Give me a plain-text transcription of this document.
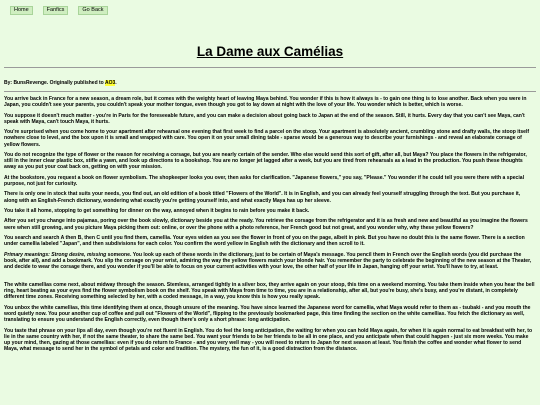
Home	Fanfics	Go Back
La Dame aux Camélias
By: BunsRevenge. Originally published to AO3.

You arrive back in France for a new season, a dream role, but it comes with the weighty heart of leaving Maya behind. You wonder if this is how it always is - to gain one thing is to lose another. Back when you were in Japan, you couldn't see your parents, you couldn't speak your mother tongue, even though you got to lay down at night with the love of your life. You wonder which is better, which is worse.

You suppose it doesn't much matter - you're in Paris for the foreseeable future, and you can make a decision about going back to Japan at the end of the season. Still, it hurts. Every day that you can't see Maya, can't speak with Maya, can't touch Maya, it hurts.

You're surprised when you come home to your apartment after rehearsal one evening that first week to find a parcel on the stoop. Your apartment is absolutely ancient, crumbling stone and drafty walls, the stoop itself nowhere close to level, and the box upon it is small and wrapped with care. You open it on your small dining table - sparse would be a generous way to describe your furnishings - and reveal an elaborate corsage of yellow flowers.

You do not recognize the type of flower or the reason for receiving a corsage, but you are nearly certain of the sender. Who else would send this sort of gift, after all, but Maya? You place the flowers in the refrigerator, still in the inner clear plastic box, stifle a yawn, and look up directions to a bookshop. You are no longer jet lagged after a week, but you are tired from rehearsals as a lead in the production. You push these thoughts away as you put your coat back on, getting on with your mission.

At the bookstore, you request a book on flower symbolism. The shopkeeper looks you over, then asks for clarification. "Japanese flowers," you say, "Please." You wonder if he could tell you were there with a special purpose, not just for curiosity.

There is only one in stock that suits your needs, you find out, an old edition of a book titled "Flowers of the World". It is in English, and you can already feel yourself struggling through the text. But you purchase it, along with an English-French dictionary, wondering what exactly you're getting yourself into, and what exactly Maya has up her sleeve.

You take it all home, stopping to get something for dinner on the way, annoyed when it begins to rain before you make it back.

After you set you change into pajamas, poring over the book slowly, dictionary beside you at the ready. You retrieve the corsage from the refrigerator and it is as fresh and new and beautiful as you imagine the flowers were when still growing, and you picture Maya picking them out: online, or over the phone with a photo reference, her French good but not great, and you wonder why, why these yellow flowers?

You search and search A then B, then C until you find them, camellia. Your eyes widen as you see the flower in front of you on the page, albeit in pink. But you have no doubt this is the same flower. There is a section under camellia labeled "Japan", and then subdivisions for each color. You confirm the word yellow in English with the dictionary and then scroll to it.

Primary meanings: Strong desire, missing someone. You look up each of these words in the dictionary, just to be certain of Maya's message. You pencil them in French over the English words (you did purchase the book, after all), and add a bookmark. You slip the corsage on your wrist, admiring the way the yellow flowers match your blonde hair. You remember the party to celebrate the beginning of the new season at the Theater, and decide to wear the corsage there, and you wonder if you'll be able to focus on your current activities with your love, the other half of your life in Japan, hanging off your wrist. You'll have to try, at least.

The white camellias come next, about midway through the season. Stemless, arranged tightly in a silver box, they arrive again on your stoop, this time on a weekend morning. You take them inside when you hear the bell ring, heart beating as your eyes find the flower symbolism book on the shelf. You speak with Maya from time to time, you are in a relationship, after all, but you're busy, she's busy, and you're distant, in completely different time zones. Receiving something selected by her, with a coded message, in a way, you know this is how you really speak.

You unbox the white camellias, this time identifying them at once, though unsure of the meaning. You have since learned the Japanese word for camellia, what Maya would refer to them as - tsubaki - and you mouth the word quietly now. You pour another cup of coffee and pull out "Flowers of the World", flipping to the previously bookmarked page, this time finding the section on the white camellias. You fetch the dictionary as well, translating to ensure you understand the English correctly, even though there's only a short phrase: long anticipation.

You taste that phrase on your lips all day, even though you're not fluent in English. You do feel the long anticipation, the waiting for when you can hold Maya again, for when it is again normal to eat breakfast with her, to lie in the same country with her, if not the same theater, to share the same bed. You want your friends to be her friends to be all in one place, and you anticipate when that could happen - just six more weeks. You make up your mind, then, gazing at those camellias: even if you do return to France - and you very well may - you will need to return to Japan for next season at least. You finish the coffee and wonder what flower to send Maya, what message to send her in the symbol of petals and color and tradition. The mystery, the fun of it, is a good distraction from the distance.
